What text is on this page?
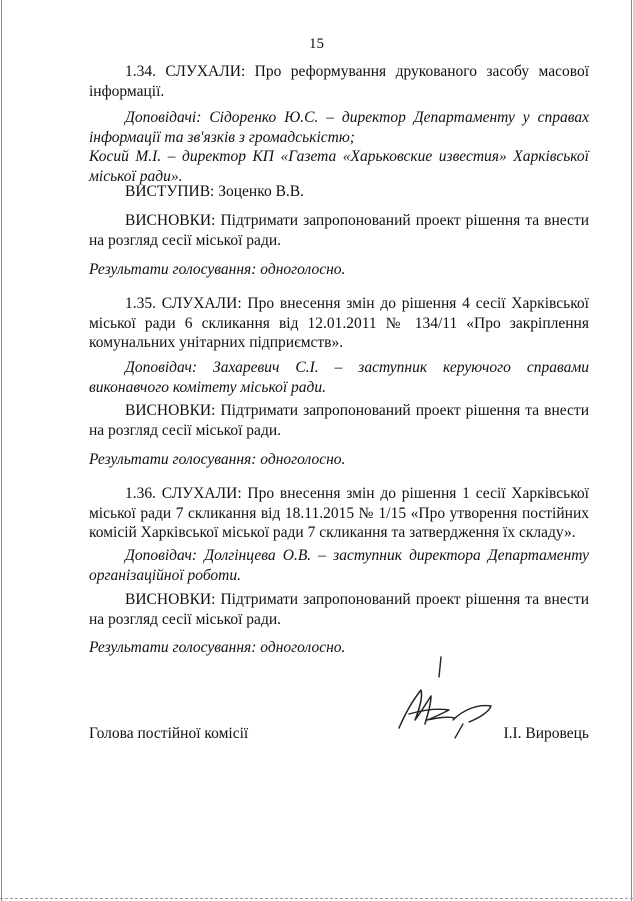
15

1.34. СЛУХАЛИ: Про реформування друкованого засобу масової інформації.

Доповідачі: Сідоренко Ю.С. – директор Департаменту у справах інформації та зв'язків з громадськістю;

Косий М.І. – директор КП «Газета «Харьковские известия» Харківської міської ради».

ВИСТУПИВ: Зоценко В.В.

ВИСНОВКИ: Підтримати запропонований проект рішення та внести на розгляд сесії міської ради.

Результати голосування: одноголосно.

1.35. СЛУХАЛИ: Про внесення змін до рішення 4 сесії Харківської міської ради 6 скликання від 12.01.2011 № 134/11 «Про закріплення комунальних унітарних підприємств».

Доповідач: Захаревич С.І. – заступник керуючого справами виконавчого комітету міської ради.

ВИСНОВКИ: Підтримати запропонований проект рішення та внести на розгляд сесії міської ради.

Результати голосування: одноголосно.

1.36. СЛУХАЛИ: Про внесення змін до рішення 1 сесії Харківської міської ради 7 скликання від 18.11.2015 № 1/15 «Про утворення постійних комісій Харківської міської ради 7 скликання та затвердження їх складу».

Доповідач: Долгінцева О.В. – заступник директора Департаменту організаційної роботи.

ВИСНОВКИ: Підтримати запропонований проект рішення та внести на розгляд сесії міської ради.

Результати голосування: одноголосно.

Голова постійної комісії	І.І. Вировець
